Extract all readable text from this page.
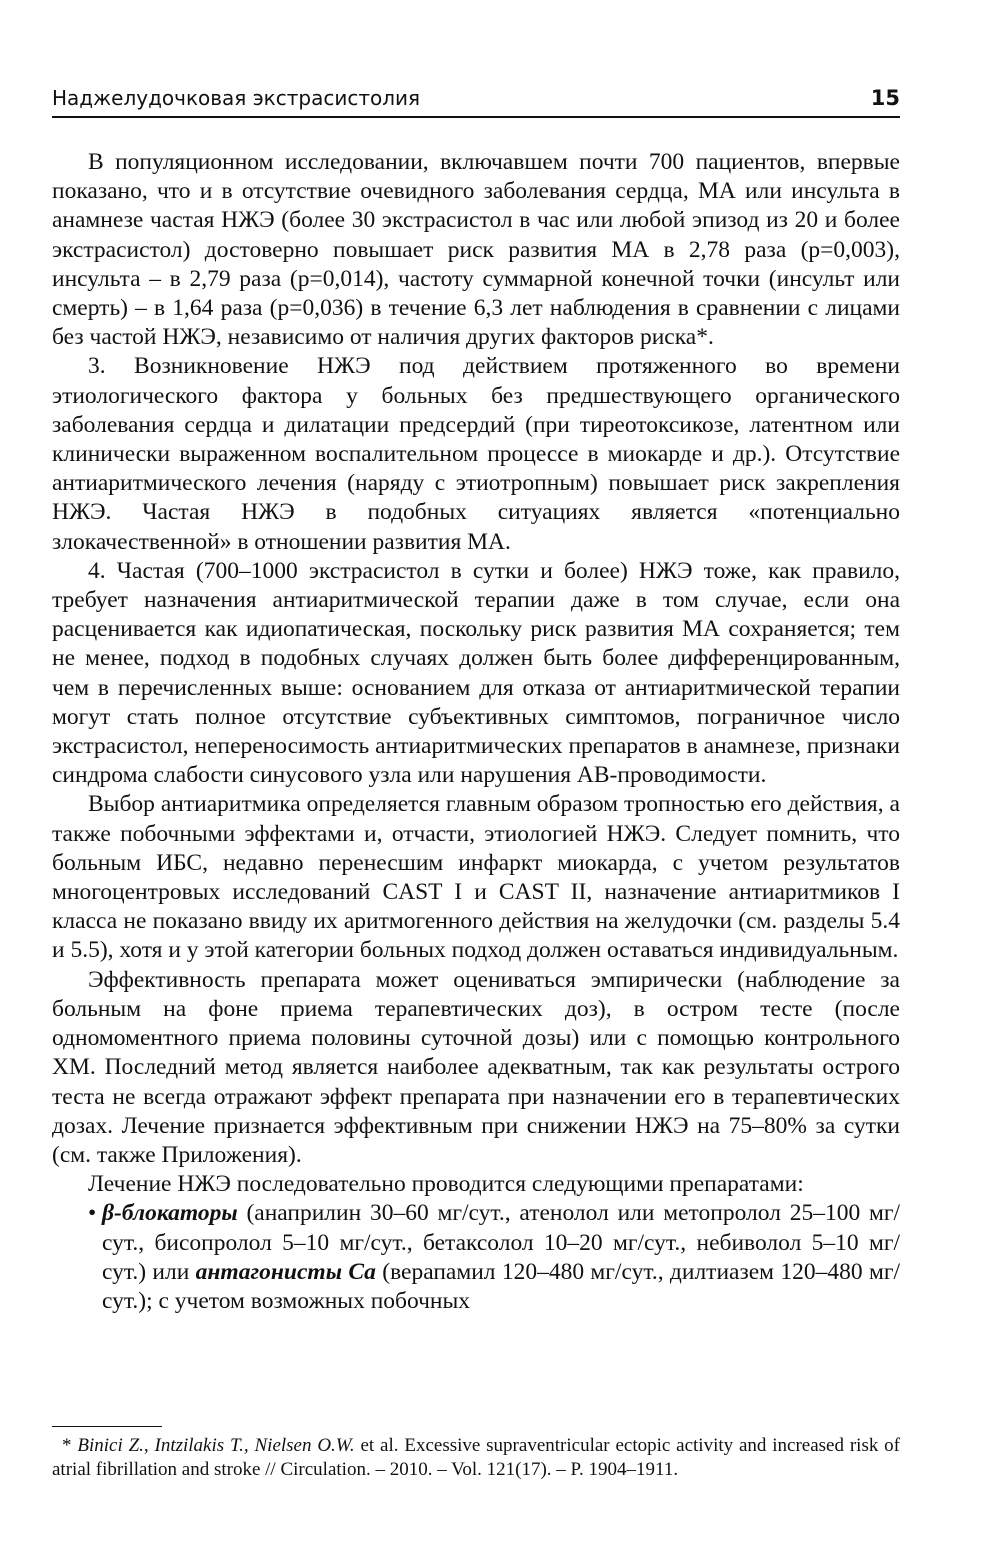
Наджелудочковая экстрасистолия	15

В популяционном исследовании, включавшем почти 700 пациентов, впервые показано, что и в отсутствие очевидного заболевания сердца, МА или инсульта в анамнезе частая НЖЭ (более 30 экстрасистол в час или любой эпизод из 20 и более экстрасистол) достоверно повышает риск развития МА в 2,78 раза (p=0,003), инсульта – в 2,79 раза (p=0,014), частоту суммарной конечной точки (инсульт или смерть) – в 1,64 раза (p=0,036) в течение 6,3 лет наблюдения в сравнении с лицами без частой НЖЭ, независимо от наличия других факторов риска*.

3. Возникновение НЖЭ под действием протяженного во времени этиологического фактора у больных без предшествующего органического заболевания сердца и дилатации предсердий (при тиреотоксикозе, латентном или клинически выраженном воспалительном процессе в миокарде и др.). Отсутствие антиаритмического лечения (наряду с этиотропным) повышает риск закрепления НЖЭ. Частая НЖЭ в подобных ситуациях является «потенциально злокачественной» в отношении развития МА.

4. Частая (700–1000 экстрасистол в сутки и более) НЖЭ тоже, как правило, требует назначения антиаритмической терапии даже в том случае, если она расценивается как идиопатическая, поскольку риск развития МА сохраняется; тем не менее, подход в подобных случаях должен быть более дифференцированным, чем в перечисленных выше: основанием для отказа от антиаритмической терапии могут стать полное отсутствие субъективных симптомов, пограничное число экстрасистол, непереносимость антиаритмических препаратов в анамнезе, признаки синдрома слабости синусового узла или нарушения АВ-проводимости.

Выбор антиаритмика определяется главным образом тропностью его действия, а также побочными эффектами и, отчасти, этиологией НЖЭ. Следует помнить, что больным ИБС, недавно перенесшим инфаркт миокарда, с учетом результатов многоцентровых исследований CAST I и CAST II, назначение антиаритмиков I класса не показано ввиду их аритмогенного действия на желудочки (см. разделы 5.4 и 5.5), хотя и у этой категории больных подход должен оставаться индивидуальным.

Эффективность препарата может оцениваться эмпирически (наблюдение за больным на фоне приема терапевтических доз), в остром тесте (после одномоментного приема половины суточной дозы) или с помощью контрольного ХМ. Последний метод является наиболее адекватным, так как результаты острого теста не всегда отражают эффект препарата при назначении его в терапевтических дозах. Лечение признается эффективным при снижении НЖЭ на 75–80% за сутки (см. также Приложения).

Лечение НЖЭ последовательно проводится следующими препаратами:

• β-блокаторы (анаприлин 30–60 мг/сут., атенолол или метопролол 25–100 мг/сут., бисопролол 5–10 мг/сут., бетаксолол 10–20 мг/сут., небиволол 5–10 мг/сут.) или антагонисты Са (верапамил 120–480 мг/сут., дилтиазем 120–480 мг/сут.); с учетом возможных побочных
* Binici Z., Intzilakis T., Nielsen O.W. et al. Excessive supraventricular ectopic activity and increased risk of atrial fibrillation and stroke // Circulation. – 2010. – Vol. 121(17). – P. 1904–1911.
